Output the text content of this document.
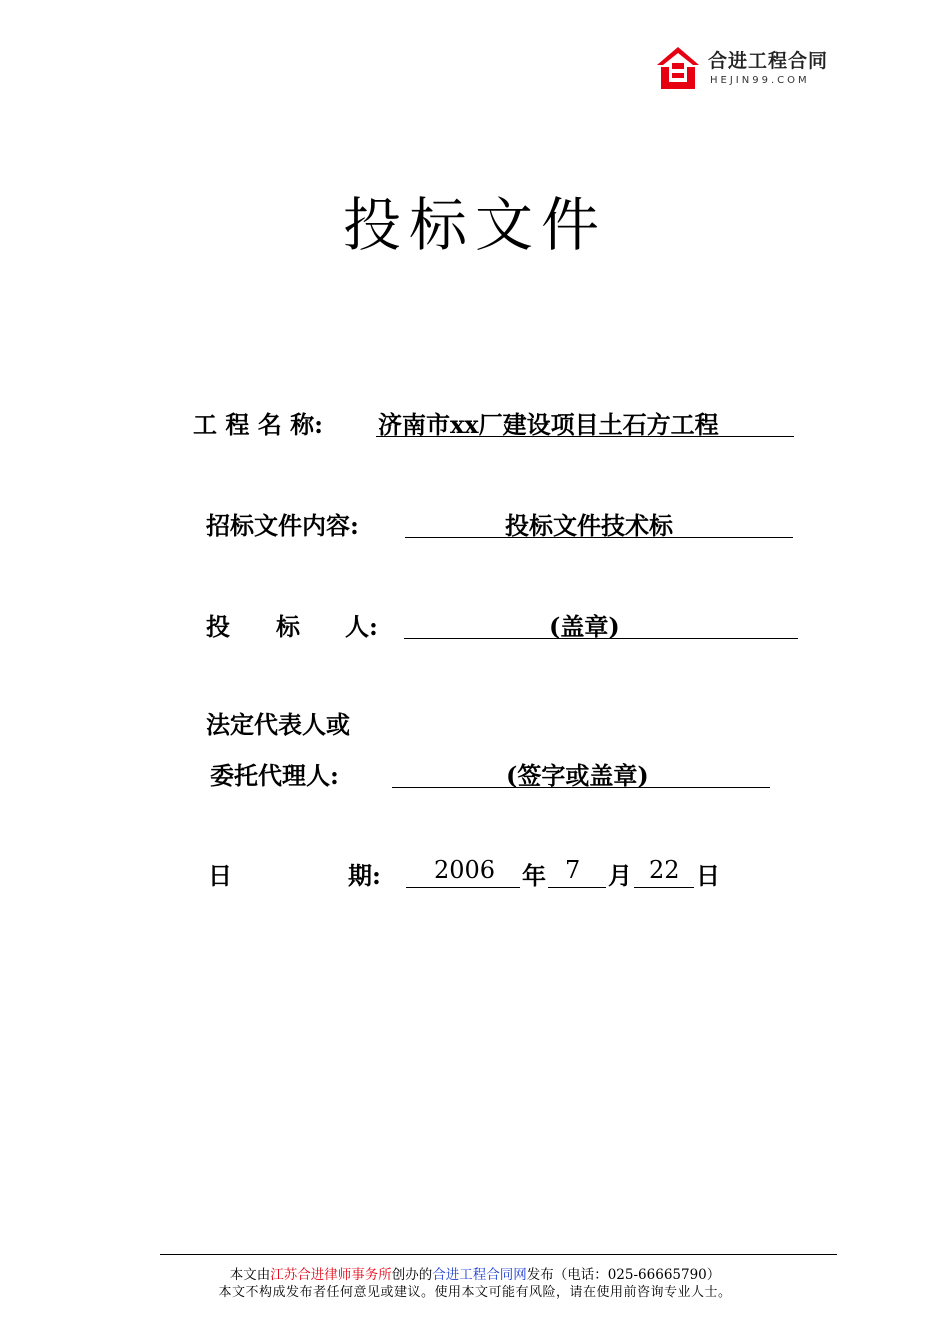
合进工程合同
HEJIN99.COM
投标文件
工 程 名 称: 济南市xx厂建设项目土石方工程
招标文件内容:	投标文件技术标
投 标 人:	(盖章)
法定代表人或
委托代理人:	(签字或盖章)
日	期: 2006 年 7 月 22 日
本文由江苏合进律师事务所创办的合进工程合同网发布（电话：025-66665790）
本文不构成发布者任何意见或建议。使用本文可能有风险，请在使用前咨询专业人士。
